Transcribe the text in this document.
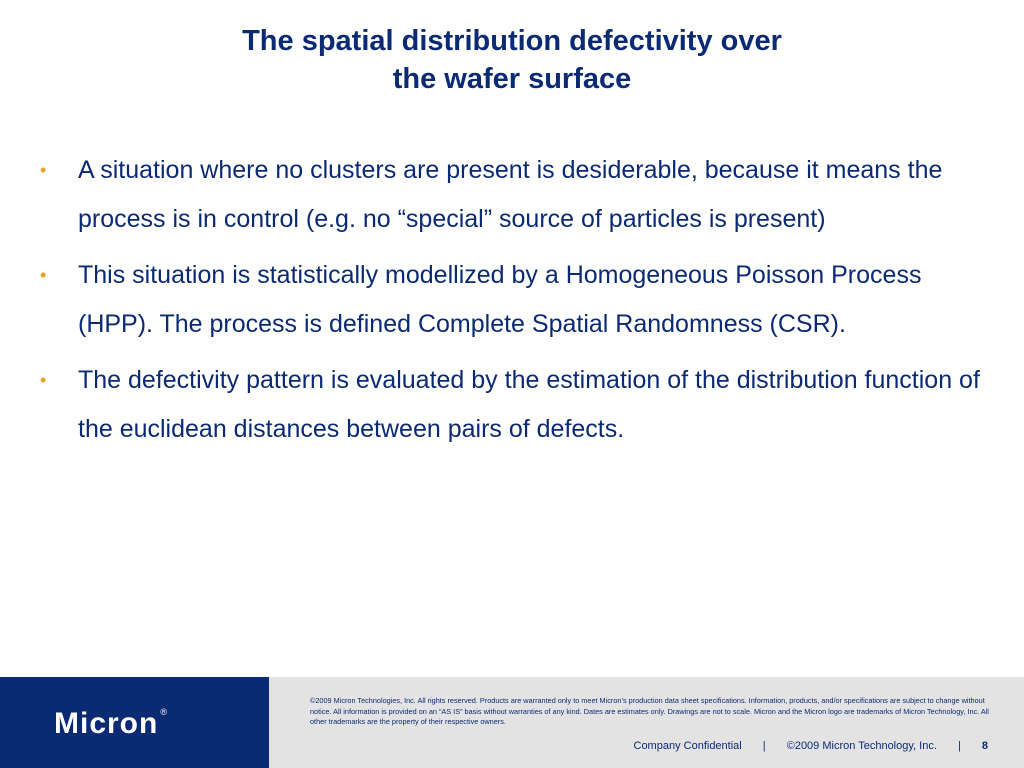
The spatial distribution defectivity over
the wafer surface
• A situation where no clusters are present is desiderable, because it means the process is in control (e.g. no “special” source of particles is present)
• This situation is statistically modellized by a Homogeneous Poisson Process (HPP). The process is defined Complete Spatial Randomness (CSR).
• The defectivity pattern is evaluated by the estimation of the distribution function of the euclidean distances between pairs of defects.
Micron ®
©2009 Micron Technologies, Inc. All rights reserved. Products are warranted only to meet Micron’s production data sheet specifications. Information, products, and/or specifications are subject to change without notice. All information is provided on an “AS IS” basis without warranties of any kind. Dates are estimates only. Drawings are not to scale. Micron and the Micron logo are trademarks of Micron Technology, Inc. All other trademarks are the property of their respective owners.
Company Confidential | ©2009 Micron Technology, Inc. | 8
